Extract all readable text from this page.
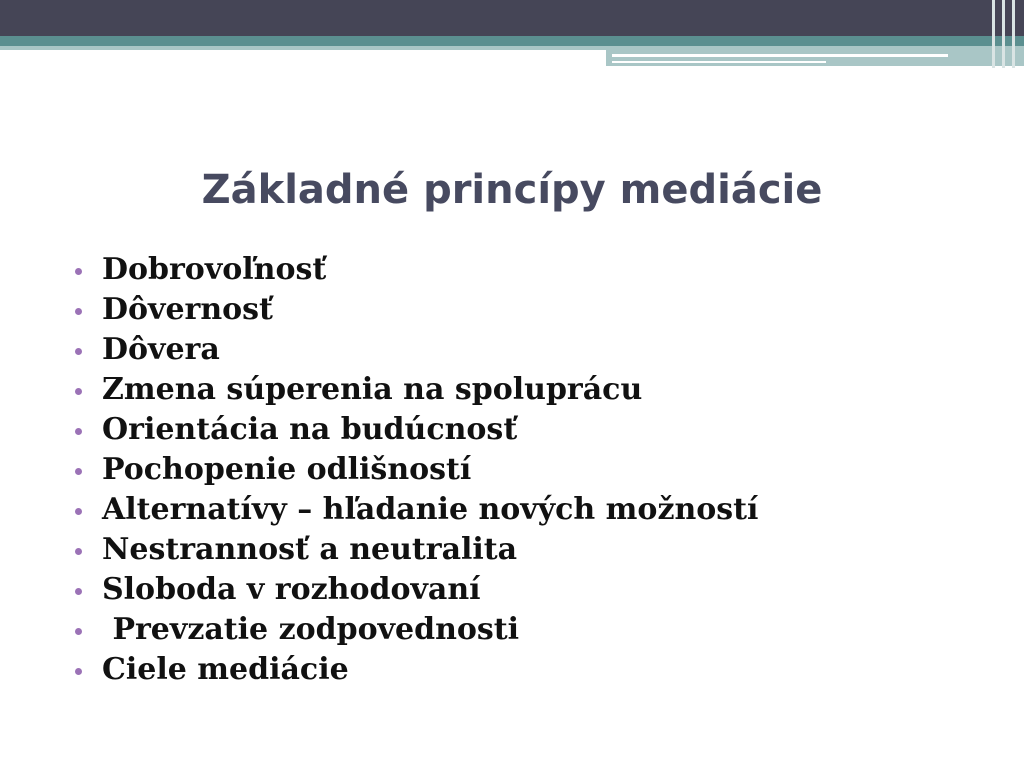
Základné princípy mediácie
Dobrovoľnosť
Dôvernosť
Dôvera
Zmena súperenia na spoluprácu
Orientácia na budúcnosť
Pochopenie odlišností
Alternatívy – hľadanie nových možností
Nestrannosť a neutralita
Sloboda v rozhodovaní
Prevzatie zodpovednosti
Ciele mediácie
